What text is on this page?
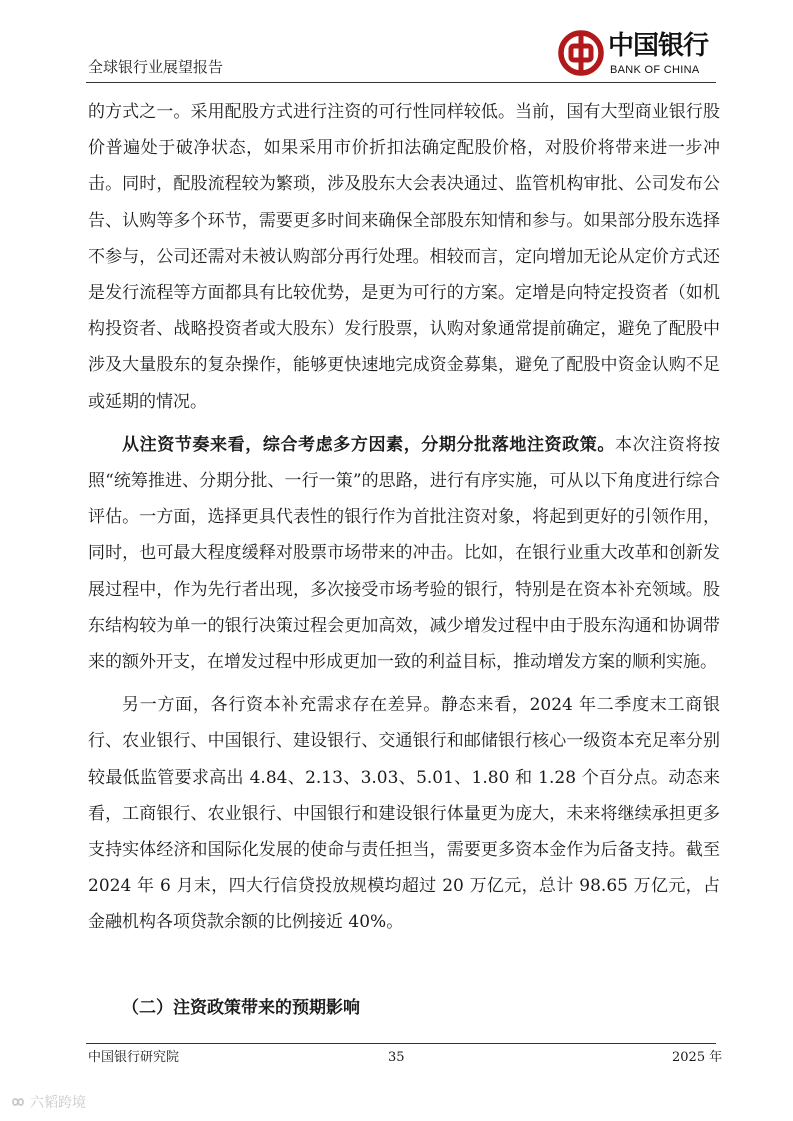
全球银行业展望报告
中国银行
BANK OF CHINA

的方式之一。采用配股方式进行注资的可行性同样较低。当前，国有大型商业银行股价普遍处于破净状态，如果采用市价折扣法确定配股价格，对股价将带来进一步冲击。同时，配股流程较为繁琐，涉及股东大会表决通过、监管机构审批、公司发布公告、认购等多个环节，需要更多时间来确保全部股东知情和参与。如果部分股东选择不参与，公司还需对未被认购部分再行处理。相较而言，定向增加无论从定价方式还是发行流程等方面都具有比较优势，是更为可行的方案。定增是向特定投资者（如机构投资者、战略投资者或大股东）发行股票，认购对象通常提前确定，避免了配股中涉及大量股东的复杂操作，能够更快速地完成资金募集，避免了配股中资金认购不足或延期的情况。

从注资节奏来看，综合考虑多方因素，分期分批落地注资政策。本次注资将按照“统筹推进、分期分批、一行一策”的思路，进行有序实施，可从以下角度进行综合评估。一方面，选择更具代表性的银行作为首批注资对象，将起到更好的引领作用，同时，也可最大程度缓释对股票市场带来的冲击。比如，在银行业重大改革和创新发展过程中，作为先行者出现，多次接受市场考验的银行，特别是在资本补充领域。股东结构较为单一的银行决策过程会更加高效，减少增发过程中由于股东沟通和协调带来的额外开支，在增发过程中形成更加一致的利益目标，推动增发方案的顺利实施。

另一方面，各行资本补充需求存在差异。静态来看，2024 年二季度末工商银行、农业银行、中国银行、建设银行、交通银行和邮储银行核心一级资本充足率分别较最低监管要求高出 4.84、2.13、3.03、5.01、1.80 和 1.28 个百分点。动态来看，工商银行、农业银行、中国银行和建设银行体量更为庞大，未来将继续承担更多支持实体经济和国际化发展的使命与责任担当，需要更多资本金作为后备支持。截至 2024 年 6 月末，四大行信贷投放规模均超过 20 万亿元，总计 98.65 万亿元，占金融机构各项贷款余额的比例接近 40%。

（二）注资政策带来的预期影响
中国银行研究院	35	2025 年
六韬跨境
